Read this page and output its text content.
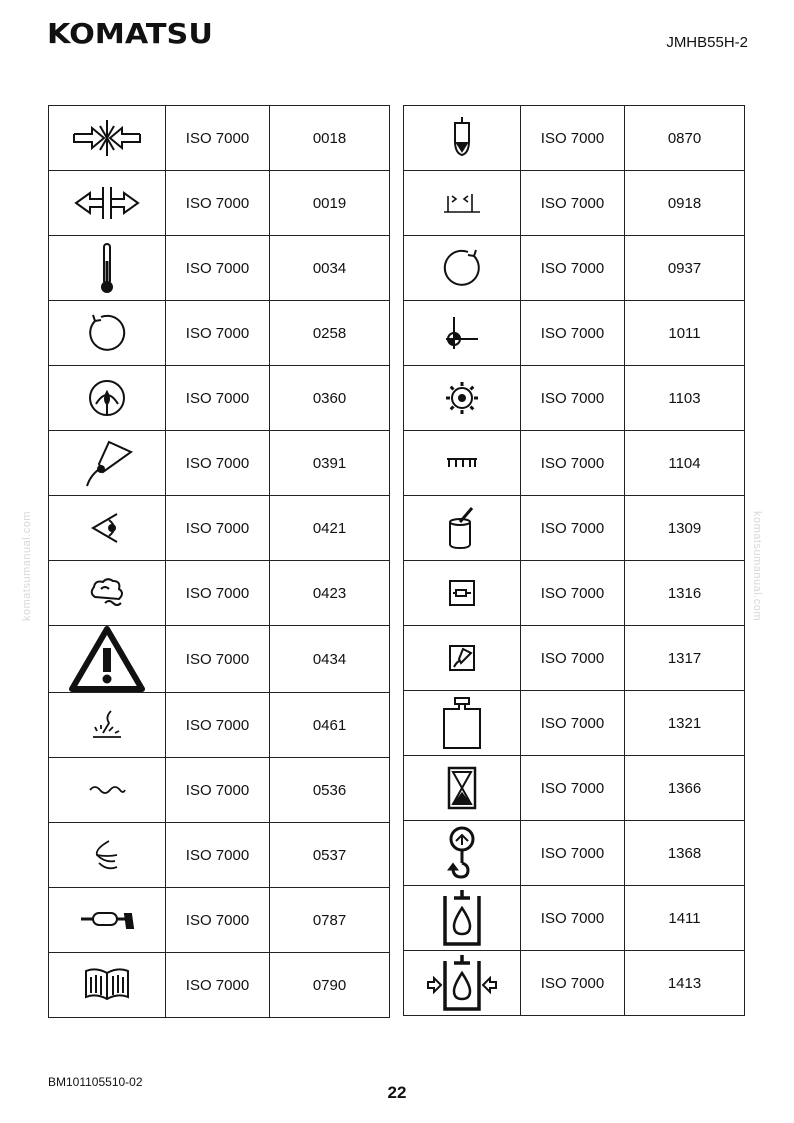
KOMATSU	JMHB55H-2
komatsumanual.com	komatsumanual.com
	ISO 7000	0018

	ISO 7000	0019

	ISO 7000	0034

	ISO 7000	0258

	ISO 7000	0360

	ISO 7000	0391

	ISO 7000	0421

	ISO 7000	0423

	ISO 7000	0434

	ISO 7000	0461

	ISO 7000	0536

	ISO 7000	0537

	ISO 7000	0787

	ISO 7000	0790
	ISO 7000	0870

	ISO 7000	0918

	ISO 7000	0937

	ISO 7000	1011

	ISO 7000	1103

	ISO 7000	1104

	ISO 7000	1309

	ISO 7000	1316

	ISO 7000	1317

	ISO 7000	1321

	ISO 7000	1366

	ISO 7000	1368

	ISO 7000	1411

	ISO 7000	1413
BM101105510-02
22
